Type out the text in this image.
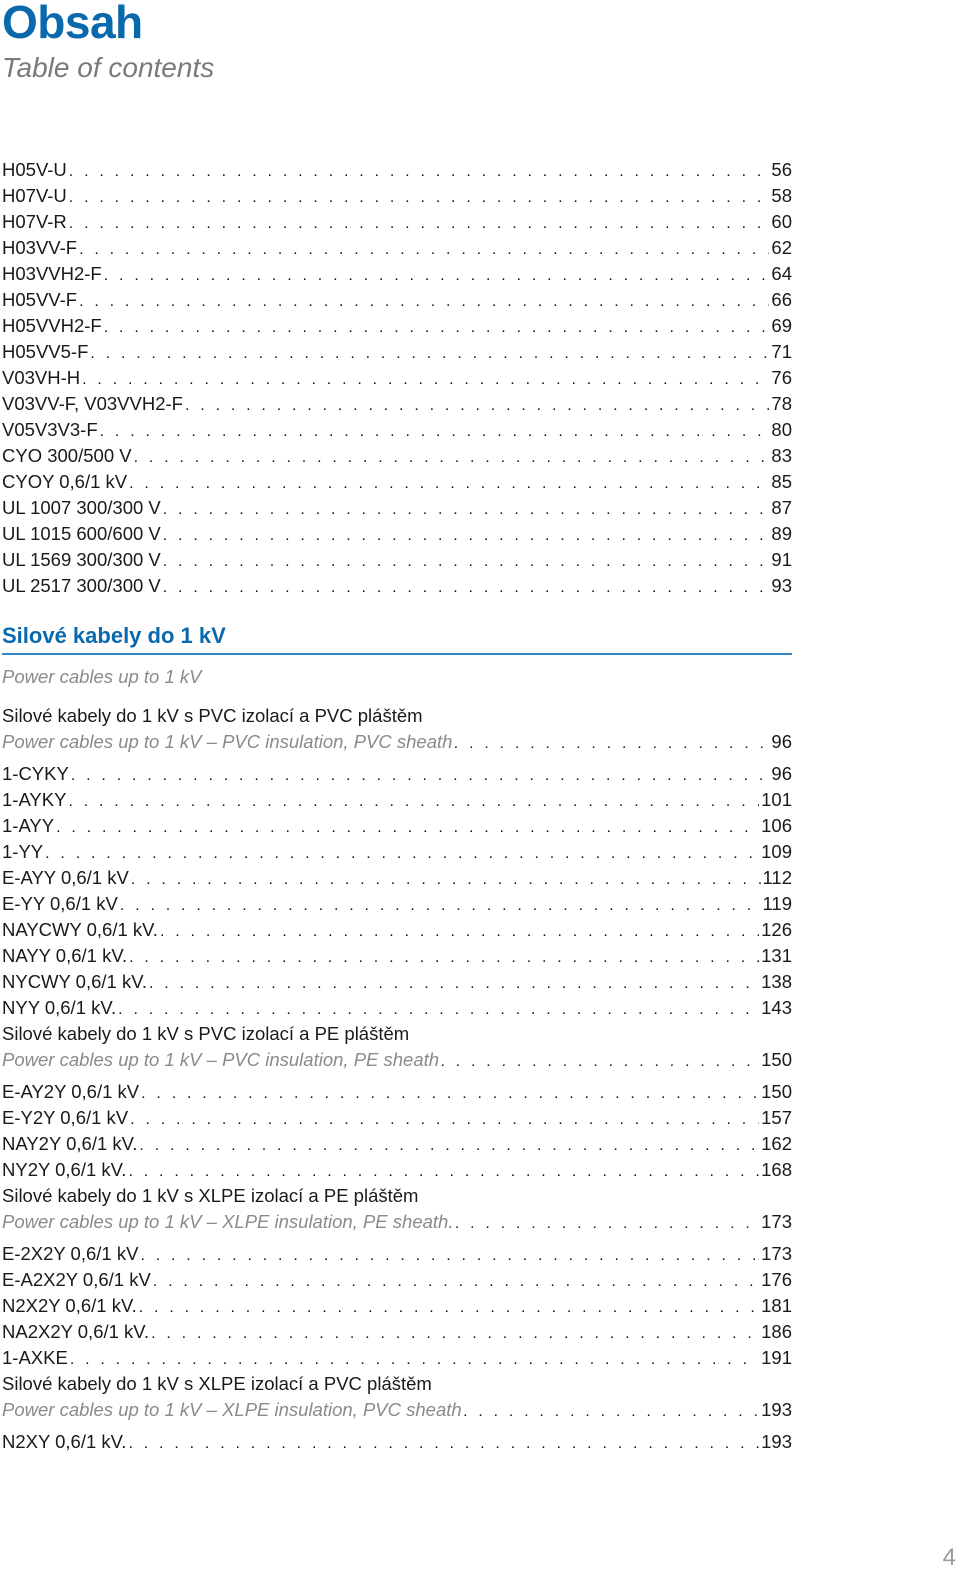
Obsah
Table of contents
H05V-U . . .	56
H07V-U . . .	58
H07V-R . . .	60
H03VV-F . . .	62
H03VVH2-F . . .	64
H05VV-F . . .	66
H05VVH2-F . . .	69
H05VV5-F . . .	71
V03VH-H . . .	76
V03VV-F, V03VVH2-F . . .	78
V05V3V3-F . . .	80
CYO 300/500 V . . .	83
CYOY 0,6/1 kV . . .	85
UL 1007 300/300 V . . .	87
UL 1015 600/600 V . . .	89
UL 1569 300/300 V . . .	91
UL 2517 300/300 V . . .	93
Silové kabely do 1 kV
Power cables up to 1 kV
Silové kabely do 1 kV s PVC izolací a PVC pláštěm
Power cables up to 1 kV – PVC insulation, PVC sheath . . .	96
1-CYKY . . .	96
1-AYKY . . .	101
1-AYY . . .	106
1-YY . . .	109
E-AYY 0,6/1 kV . . .	112
E-YY 0,6/1 kV . . .	119
NAYCWY 0,6/1 kV. . . .	126
NAYY 0,6/1 kV. . . .	131
NYCWY 0,6/1 kV. . . .	138
NYY 0,6/1 kV. . . .	143
Silové kabely do 1 kV s PVC izolací a PE pláštěm
Power cables up to 1 kV – PVC insulation, PE sheath . . .	150
E-AY2Y 0,6/1 kV . . .	150
E-Y2Y 0,6/1 kV . . .	157
NAY2Y 0,6/1 kV. . . .	162
NY2Y 0,6/1 kV. . . .	168
Silové kabely do 1 kV s XLPE izolací a PE pláštěm
Power cables up to 1 kV – XLPE insulation, PE sheath. . . .	173
E-2X2Y 0,6/1 kV . . .	173
E-A2X2Y 0,6/1 kV . . .	176
N2X2Y 0,6/1 kV. . . .	181
NA2X2Y 0,6/1 kV. . . .	186
1-AXKE . . .	191
Silové kabely do 1 kV s XLPE izolací a PVC pláštěm
Power cables up to 1 kV – XLPE insulation, PVC sheath . . .	193
N2XY 0,6/1 kV. . . .	193
4
